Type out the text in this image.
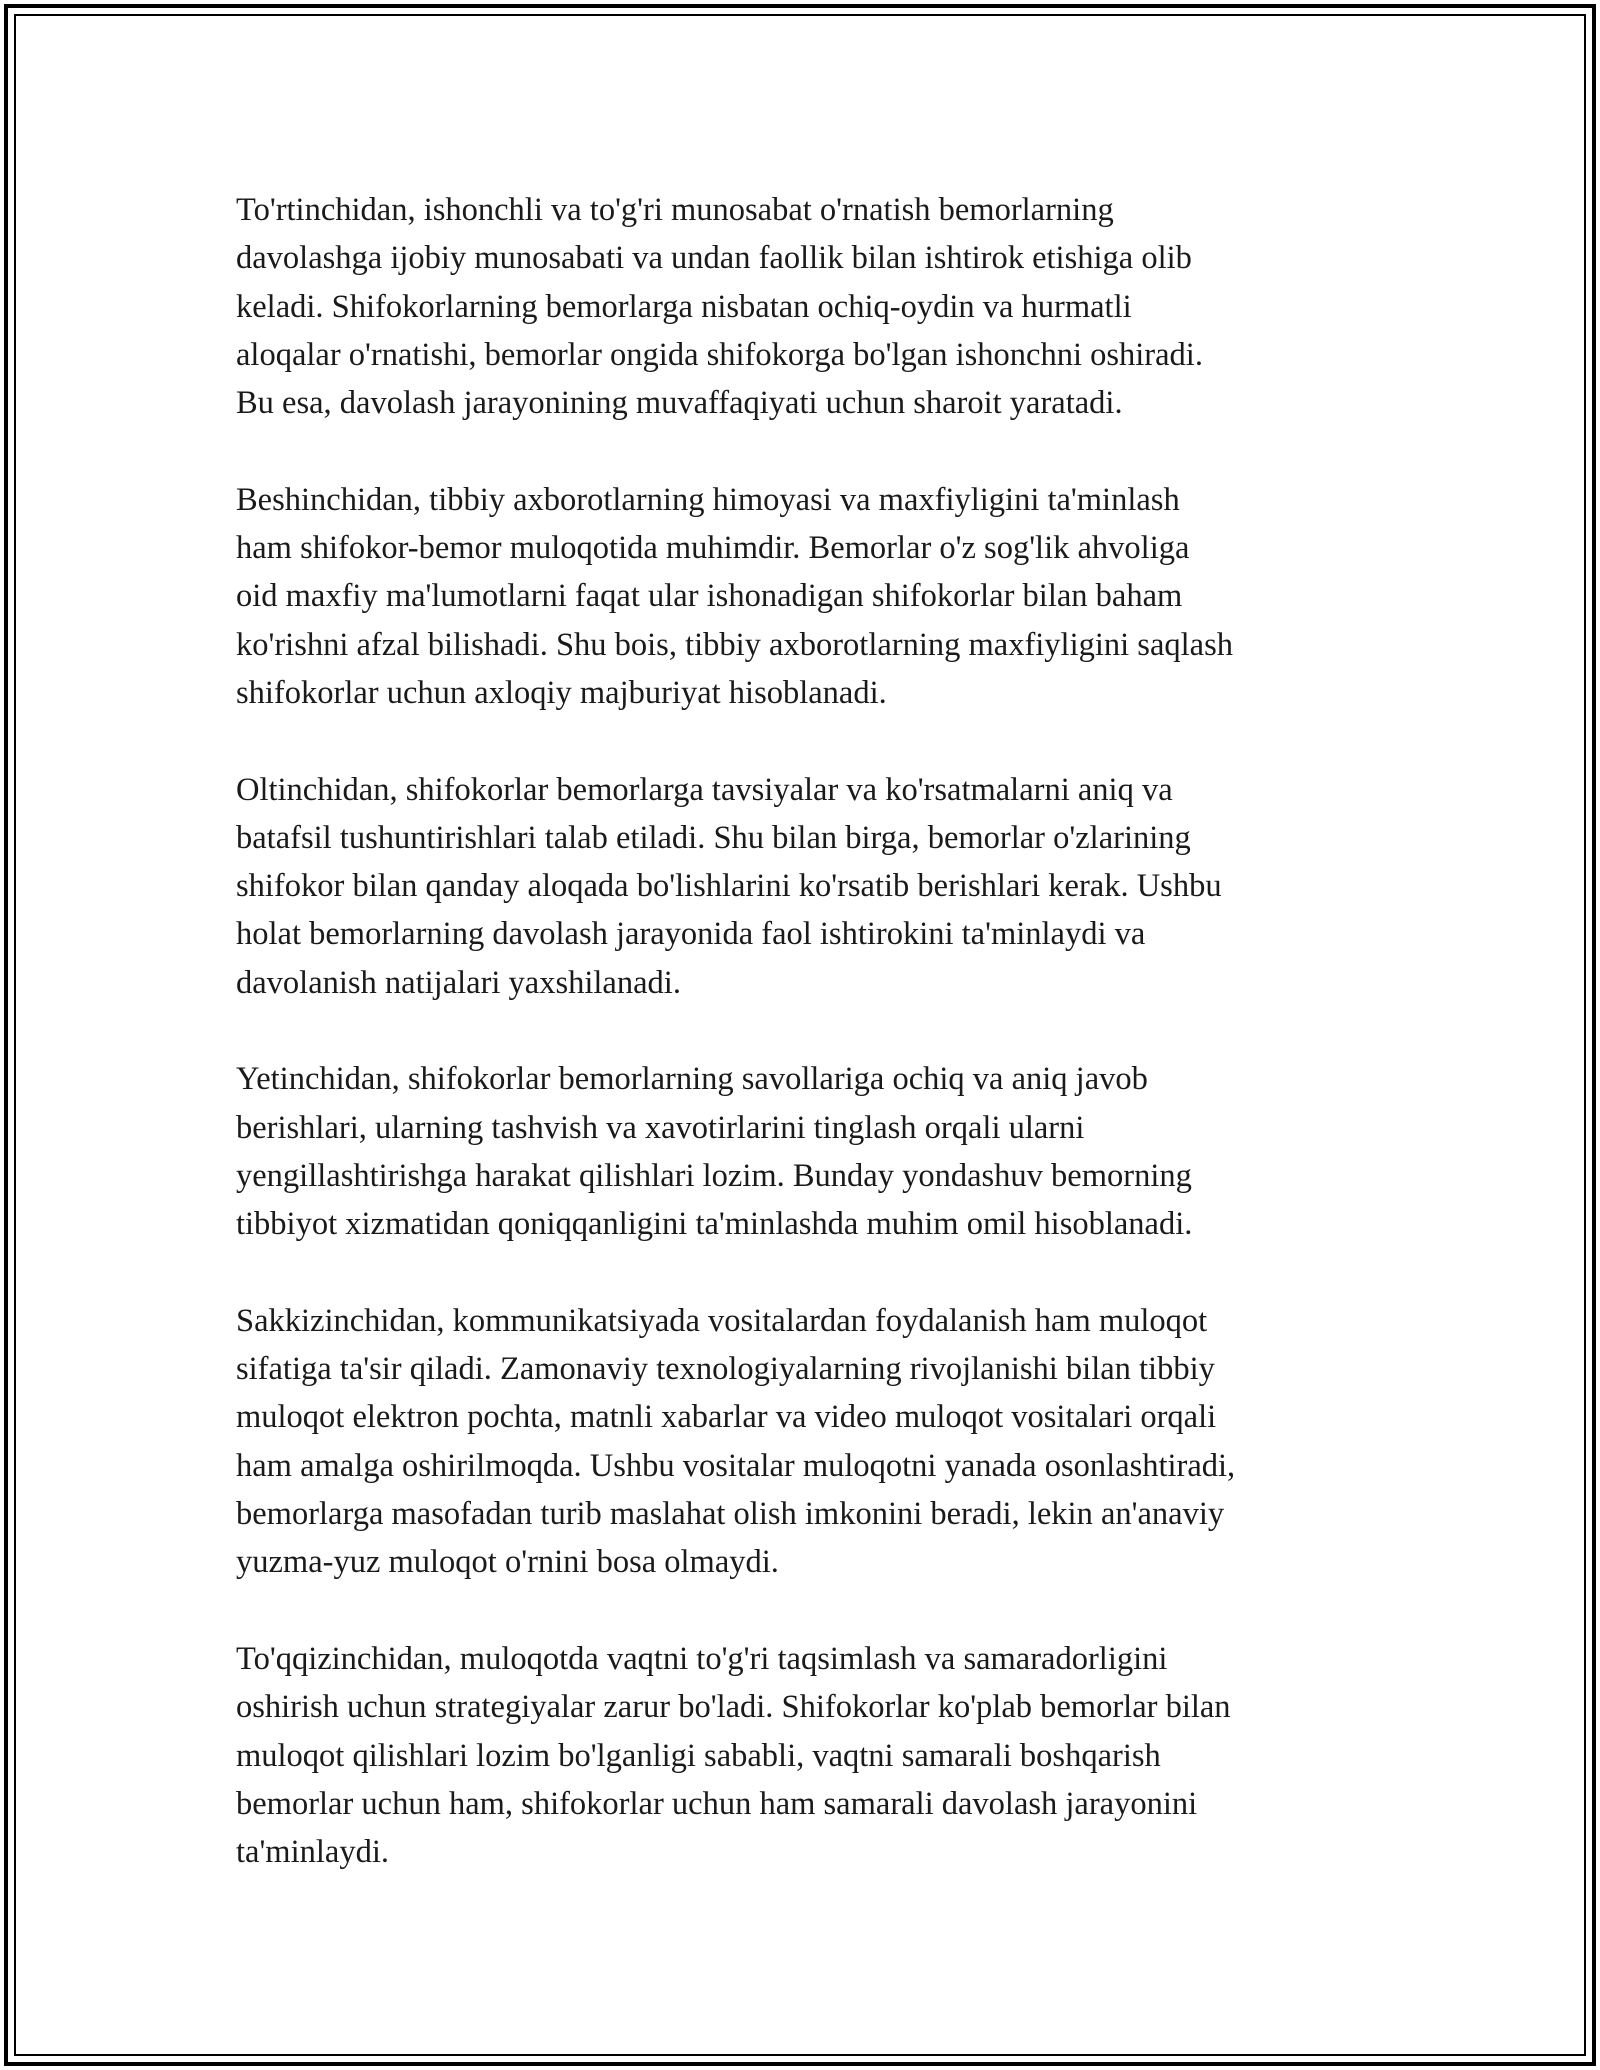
To'rtinchidan, ishonchli va to'g'ri munosabat o'rnatish bemorlarning
davolashga ijobiy munosabati va undan faollik bilan ishtirok etishiga olib
keladi. Shifokorlarning bemorlarga nisbatan ochiq-oydin va hurmatli
aloqalar o'rnatishi, bemorlar ongida shifokorga bo'lgan ishonchni oshiradi.
Bu esa, davolash jarayonining muvaffaqiyati uchun sharoit yaratadi.

Beshinchidan, tibbiy axborotlarning himoyasi va maxfiyligini ta'minlash
ham shifokor-bemor muloqotida muhimdir. Bemorlar o'z sog'lik ahvoliga
oid maxfiy ma'lumotlarni faqat ular ishonadigan shifokorlar bilan baham
ko'rishni afzal bilishadi. Shu bois, tibbiy axborotlarning maxfiyligini saqlash
shifokorlar uchun axloqiy majburiyat hisoblanadi.

Oltinchidan, shifokorlar bemorlarga tavsiyalar va ko'rsatmalarni aniq va
batafsil tushuntirishlari talab etiladi. Shu bilan birga, bemorlar o'zlarining
shifokor bilan qanday aloqada bo'lishlarini ko'rsatib berishlari kerak. Ushbu
holat bemorlarning davolash jarayonida faol ishtirokini ta'minlaydi va
davolanish natijalari yaxshilanadi.

Yetinchidan, shifokorlar bemorlarning savollariga ochiq va aniq javob
berishlari, ularning tashvish va xavotirlarini tinglash orqali ularni
yengillashtirishga harakat qilishlari lozim. Bunday yondashuv bemorning
tibbiyot xizmatidan qoniqqanligini ta'minlashda muhim omil hisoblanadi.

Sakkizinchidan, kommunikatsiyada vositalardan foydalanish ham muloqot
sifatiga ta'sir qiladi. Zamonaviy texnologiyalarning rivojlanishi bilan tibbiy
muloqot elektron pochta, matnli xabarlar va video muloqot vositalari orqali
ham amalga oshirilmoqda. Ushbu vositalar muloqotni yanada osonlashtiradi,
bemorlarga masofadan turib maslahat olish imkonini beradi, lekin an'anaviy
yuzma-yuz muloqot o'rnini bosa olmaydi.

To'qqizinchidan, muloqotda vaqtni to'g'ri taqsimlash va samaradorligini
oshirish uchun strategiyalar zarur bo'ladi. Shifokorlar ko'plab bemorlar bilan
muloqot qilishlari lozim bo'lganligi sababli, vaqtni samarali boshqarish
bemorlar uchun ham, shifokorlar uchun ham samarali davolash jarayonini
ta'minlaydi.
